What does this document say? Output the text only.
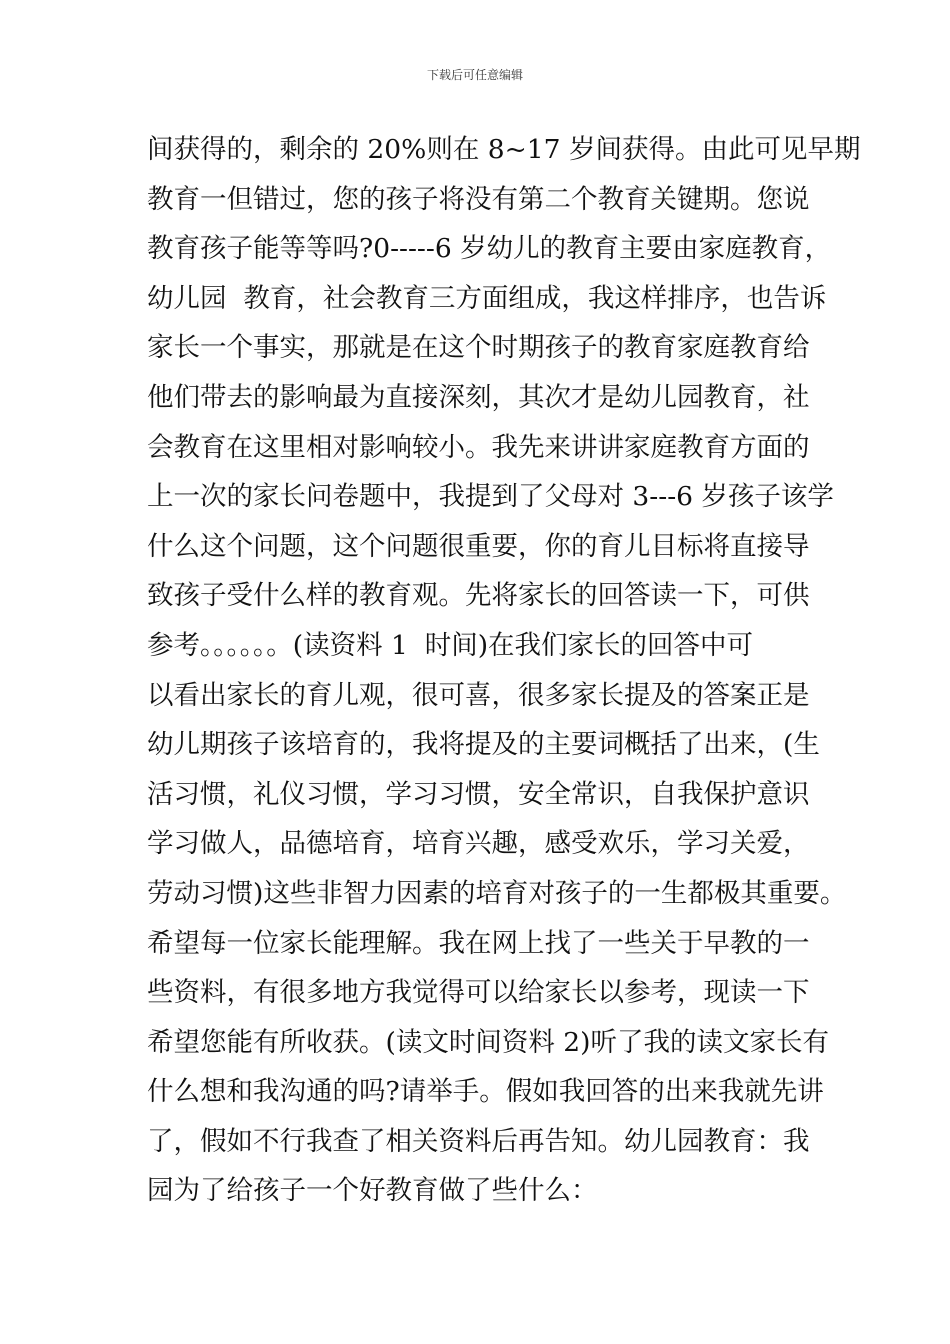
下载后可任意编辑
间获得的，剩余的 20%则在 8~17 岁间获得。由此可见早期
教育一但错过，您的孩子将没有第二个教育关键期。您说
教育孩子能等等吗?0-----6 岁幼儿的教育主要由家庭教育，
幼儿园  教育，社会教育三方面组成，我这样排序，也告诉
家长一个事实，那就是在这个时期孩子的教育家庭教育给
他们带去的影响最为直接深刻，其次才是幼儿园教育，社
会教育在这里相对影响较小。我先来讲讲家庭教育方面的
上一次的家长问卷题中，我提到了父母对 3---6 岁孩子该学
什么这个问题，这个问题很重要，你的育儿目标将直接导
致孩子受什么样的教育观。先将家长的回答读一下，可供
参考。。。。。。(读资料 1  时间)在我们家长的回答中可
以看出家长的育儿观，很可喜，很多家长提及的答案正是
幼儿期孩子该培育的，我将提及的主要词概括了出来，(生
活习惯，礼仪习惯，学习习惯，安全常识，自我保护意识
学习做人，品德培育，培育兴趣，感受欢乐，学习关爱，
劳动习惯)这些非智力因素的培育对孩子的一生都极其重要。
希望每一位家长能理解。我在网上找了一些关于早教的一
些资料，有很多地方我觉得可以给家长以参考，现读一下
希望您能有所收获。(读文时间资料 2)听了我的读文家长有
什么想和我沟通的吗?请举手。假如我回答的出来我就先讲
了，假如不行我查了相关资料后再告知。幼儿园教育：我
园为了给孩子一个好教育做了些什么：
